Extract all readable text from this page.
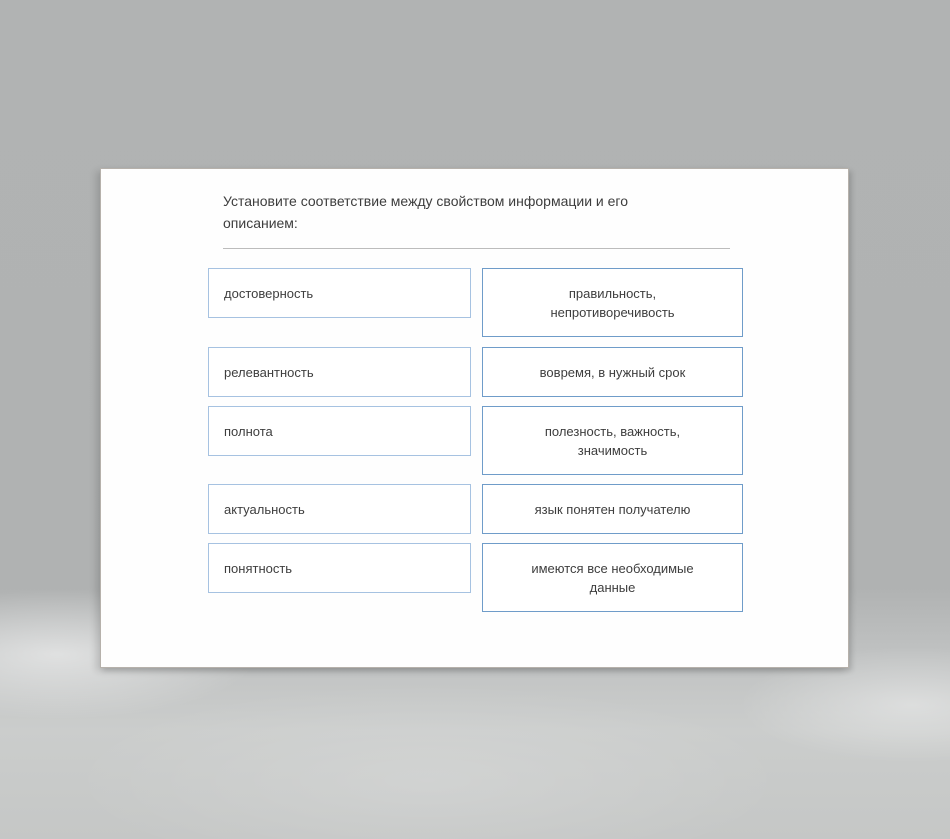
Установите соответствие между свойством информации и его описанием:
достоверность	правильность, непротиворечивость
релевантность	вовремя, в нужный срок
полнота	полезность, важность, значимость
актуальность	язык понятен получателю
понятность	имеются все необходимые данные
